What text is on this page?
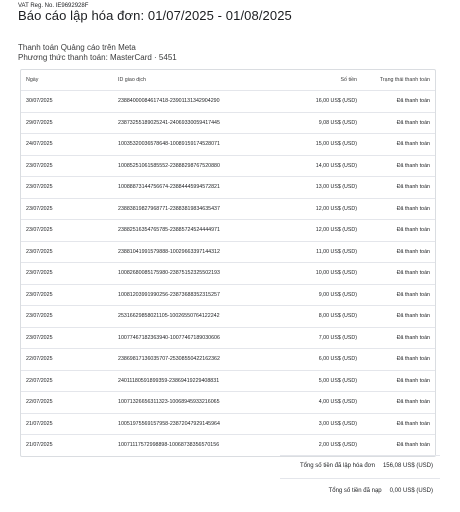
VAT Reg. No. IE9692928F
Báo cáo lập hóa đơn: 01/07/2025 - 01/08/2025
Thanh toán Quảng cáo trên Meta
Phương thức thanh toán: MasterCard · 5451
Ngày	ID giao dịch	Số tiền	Trạng thái thanh toán
30/07/2025	23884000084617418-23901131342904290	16,00 US$ (USD)	Đã thanh toán
29/07/2025	23873255189025241-24069330059417445	9,08 US$ (USD)	Đã thanh toán
24/07/2025	10035320036578648-10089159174528071	15,00 US$ (USD)	Đã thanh toán
23/07/2025	10085251061585552-23888298767520880	14,00 US$ (USD)	Đã thanh toán
23/07/2025	10088873144756674-23884445994572821	13,00 US$ (USD)	Đã thanh toán
23/07/2025	23883819827968771-23883819834635437	12,00 US$ (USD)	Đã thanh toán
23/07/2025	23882516354765785-23885724524444971	12,00 US$ (USD)	Đã thanh toán
23/07/2025	23881041991579888-10029663397144312	11,00 US$ (USD)	Đã thanh toán
23/07/2025	10082680085175980-23875152325502193	10,00 US$ (USD)	Đã thanh toán
23/07/2025	10081203991990256-23873688352315257	9,00 US$ (USD)	Đã thanh toán
23/07/2025	25316629858021105-10026550764122242	8,00 US$ (USD)	Đã thanh toán
23/07/2025	10077467182363940-10077467189030606	7,00 US$ (USD)	Đã thanh toán
22/07/2025	23869817136035707-25308550422162362	6,00 US$ (USD)	Đã thanh toán
22/07/2025	24011180591899359-23869419229408831	5,00 US$ (USD)	Đã thanh toán
22/07/2025	10071326656311323-10068945933216065	4,00 US$ (USD)	Đã thanh toán
21/07/2025	10051975569157958-23872047929145964	3,00 US$ (USD)	Đã thanh toán
21/07/2025	10071117572998898-10068738356570156	2,00 US$ (USD)	Đã thanh toán
Tổng số tiền đã lập hóa đơn 156,08 US$ (USD)
Tổng số tiền đã nạp 0,00 US$ (USD)
